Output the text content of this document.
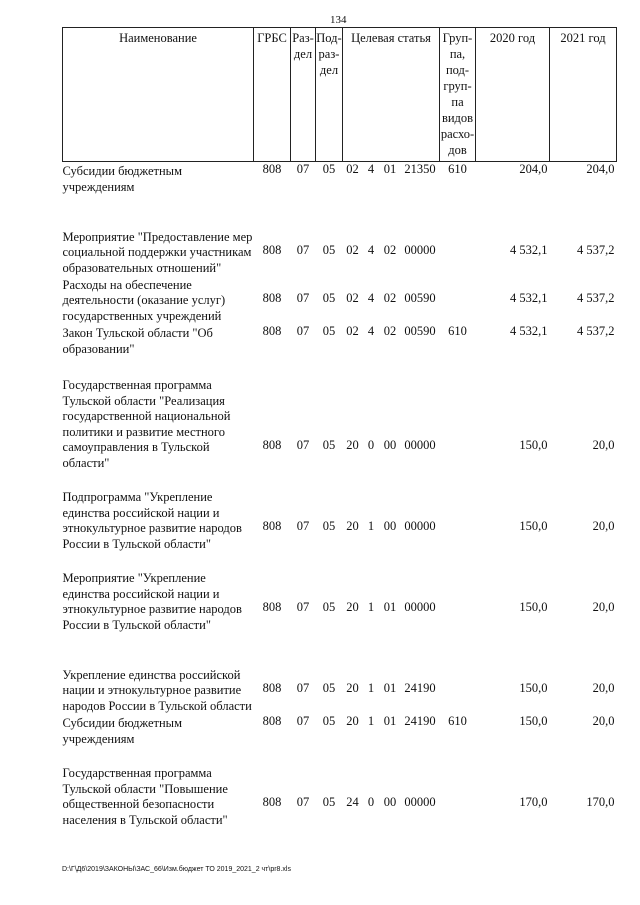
134
Наименование	ГРБС	Раз- дел	Под- раз- дел	Целевая статья				Груп- па, под- груп- па видов расхо- дов	2020 год	2021 год
Субсидии бюджетным учреждениям	808	07	05	02	4	01	21350	610	204,0	204,0
Мероприятие "Предоставление мер социальной поддержки участникам образовательных отношений"	808	07	05	02	4	02	00000		4 532,1	4 537,2
Расходы на обеспечение деятельности (оказание услуг) государственных учреждений	808	07	05	02	4	02	00590		4 532,1	4 537,2
Закон Тульской области "Об образовании"	808	07	05	02	4	02	00590	610	4 532,1	4 537,2
Государственная программа Тульской области "Реализация государственной национальной политики и развитие местного самоуправления в Тульской области"	808	07	05	20	0	00	00000		150,0	20,0
Подпрограмма "Укрепление единства российской нации и этнокультурное развитие народов России в Тульской области"	808	07	05	20	1	00	00000		150,0	20,0
Мероприятие "Укрепление единства российской нации и этнокультурное развитие народов России в Тульской области"	808	07	05	20	1	01	00000		150,0	20,0
Укрепление единства российской нации и этнокультурное развитие народов России в Тульской области	808	07	05	20	1	01	24190		150,0	20,0
Субсидии бюджетным учреждениям	808	07	05	20	1	01	24190	610	150,0	20,0
Государственная программа Тульской области "Повышение общественной безопасности населения в Тульской области"	808	07	05	24	0	00	00000		170,0	170,0
D:\Г\Д6\2019\ЗАКОНЫ\ЗАС_66\Изм.бюджет ТО 2019_2021_2 чт\pr8.xls
